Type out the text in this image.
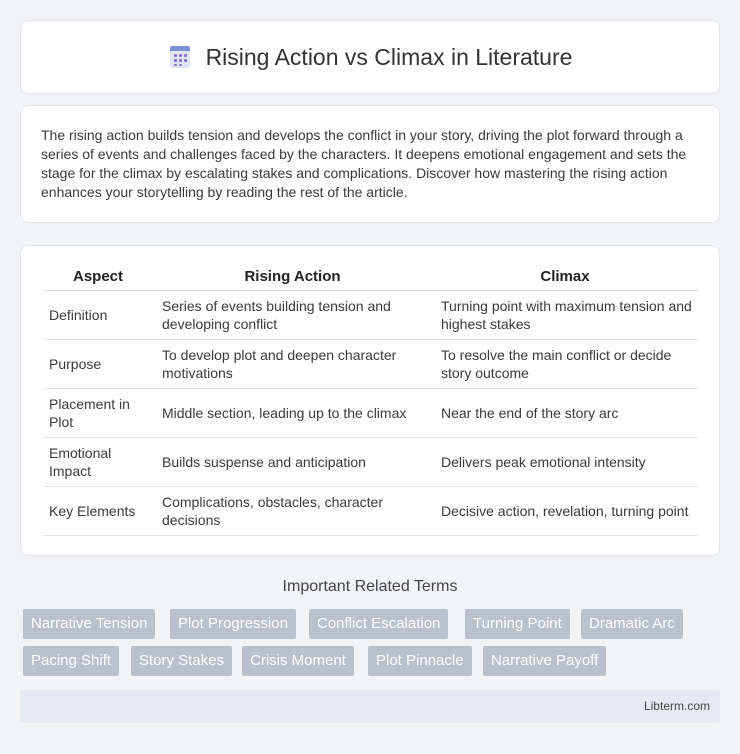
Rising Action vs Climax in Literature

The rising action builds tension and develops the conflict in your story, driving the plot forward through a series of events and challenges faced by the characters. It deepens emotional engagement and sets the stage for the climax by escalating stakes and complications. Discover how mastering the rising action enhances your storytelling by reading the rest of the article.

Aspect	Rising Action	Climax
Definition	Series of events building tension and developing conflict	Turning point with maximum tension and highest stakes
Purpose	To develop plot and deepen character motivations	To resolve the main conflict or decide story outcome
Placement in Plot	Middle section, leading up to the climax	Near the end of the story arc
Emotional Impact	Builds suspense and anticipation	Delivers peak emotional intensity
Key Elements	Complications, obstacles, character decisions	Decisive action, revelation, turning point
Important Related Terms
Narrative Tension	Plot Progression	Conflict Escalation	Turning Point	Dramatic Arc
Pacing Shift	Story Stakes	Crisis Moment	Plot Pinnacle	Narrative Payoff
Libterm.com
